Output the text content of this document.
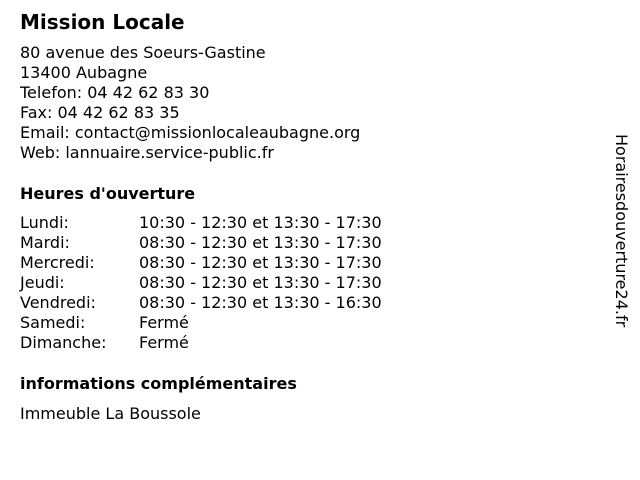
Mission Locale
80 avenue des Soeurs-Gastine
13400 Aubagne
Telefon: 04 42 62 83 30
Fax: 04 42 62 83 35
Email: contact@missionlocaleaubagne.org
Web: lannuaire.service-public.fr
Heures d'ouverture
Lundi:	10:30 - 12:30 et 13:30 - 17:30
Mardi:	08:30 - 12:30 et 13:30 - 17:30
Mercredi:	08:30 - 12:30 et 13:30 - 17:30
Jeudi:	08:30 - 12:30 et 13:30 - 17:30
Vendredi:	08:30 - 12:30 et 13:30 - 16:30
Samedi:	Fermé
Dimanche: Fermé
informations complémentaires
Immeuble La Boussole
Horairesdouverture24.fr
